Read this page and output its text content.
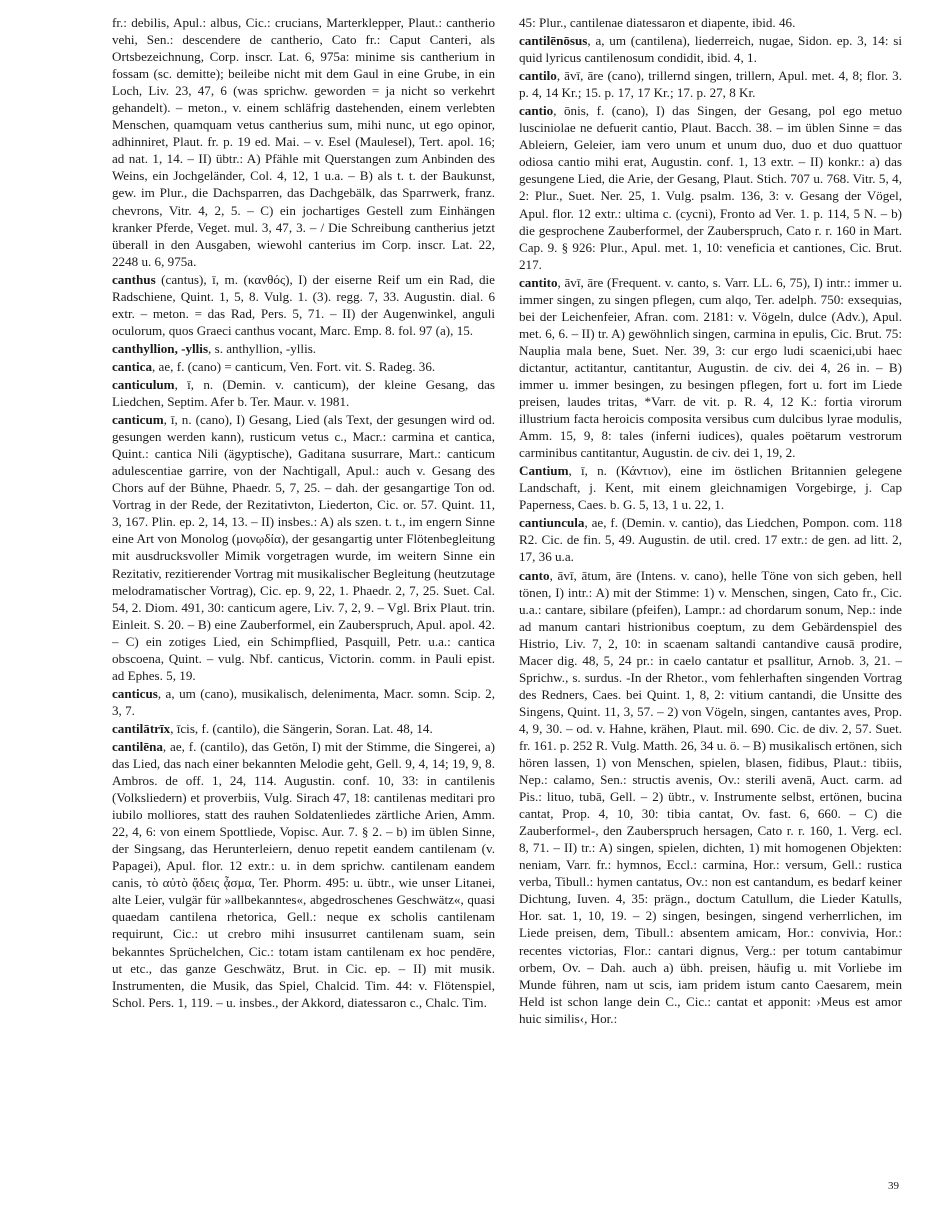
fr.: debilis, Apul.: albus, Cic.: crucians, Marterklepper, Plaut.: cantherio vehi, Sen.: descendere de cantherio, Cato fr.: Caput Canteri, als Ortsbezeichnung, Corp. inscr. Lat. 6, 975a: minime sis cantherium in fossam (sc. demitte); beileibe nicht mit dem Gaul in eine Grube, in ein Loch, Liv. 23, 47, 6 (was sprichw. geworden = ja nicht so verkehrt gehandelt). – meton., v. einem schläfrig dastehenden, einem verlebten Menschen, quamquam vetus cantherius sum, mihi nunc, ut ego opinor, adhinniret, Plaut. fr. p. 19 ed. Mai. – v. Esel (Maulesel), Tert. apol. 16; ad nat. 1, 14. – II) übtr.: A) Pfähle mit Querstangen zum Anbinden des Weins, ein Jochgeländer, Col. 4, 12, 1 u.a. – B) als t. t. der Baukunst, gew. im Plur., die Dachsparren, das Dachgebälk, das Sparrwerk, franz. chevrons, Vitr. 4, 2, 5. – C) ein jochartiges Gestell zum Einhängen kranker Pferde, Veget. mul. 3, 47, 3. – / Die Schreibung cantherius jetzt überall in den Ausgaben, wiewohl canterius im Corp. inscr. Lat. 22, 2248 u. 6, 975a.

canthus (cantus), ī, m. (κανθός), I) der eiserne Reif um ein Rad, die Radschiene, Quint. 1, 5, 8. Vulg. 1. (3). regg. 7, 33. Augustin. dial. 6 extr. – meton. = das Rad, Pers. 5, 71. – II) der Augenwinkel, anguli oculorum, quos Graeci canthus vocant, Marc. Emp. 8. fol. 97 (a), 15.

canthyllion, -yllis, s. anthyllion, -yllis.

cantica, ae, f. (cano) = canticum, Ven. Fort. vit. S. Radeg. 36.

canticulum, ī, n. (Demin. v. canticum), der kleine Gesang, das Liedchen, Septim. Afer b. Ter. Maur. v. 1981.

canticum, ī, n. (cano), I) Gesang, Lied (als Text, der gesungen wird od. gesungen werden kann), rusticum vetus c., Macr.: carmina et cantica, Quint.: cantica Nili (ägyptische), Gaditana susurrare, Mart.: canticum adulescentiae garrire, von der Nachtigall, Apul.: auch v. Gesang des Chors auf der Bühne, Phaedr. 5, 7, 25. – dah. der gesangartige Ton od. Vortrag in der Rede, der Rezitativton, Liederton, Cic. or. 57. Quint. 11, 3, 167. Plin. ep. 2, 14, 13. – II) insbes.: A) als szen. t. t., im engern Sinne eine Art von Monolog (μονῳδία), der gesangartig unter Flötenbegleitung mit ausdrucksvoller Mimik vorgetragen wurde, im weitern Sinne ein Rezitativ, rezitierender Vortrag mit musikalischer Begleitung (heutzutage melodramatischer Vortrag), Cic. ep. 9, 22, 1. Phaedr. 2, 7, 25. Suet. Cal. 54, 2. Diom. 491, 30: canticum agere, Liv. 7, 2, 9. – Vgl. Brix Plaut. trin. Einleit. S. 20. – B) eine Zauberformel, ein Zauberspruch, Apul. apol. 42. – C) ein zotiges Lied, ein Schimpflied, Pasquill, Petr. u.a.: cantica obscoena, Quint. – vulg. Nbf. canticus, Victorin. comm. in Pauli epist. ad Ephes. 5, 19.

canticus, a, um (cano), musikalisch, delenimenta, Macr. somn. Scip. 2, 3, 7.

cantilātrīx, īcis, f. (cantilo), die Sängerin, Soran. Lat. 48, 14.

cantilēna, ae, f. (cantilo), das Getön, I) mit der Stimme, die Singerei, a) das Lied, das nach einer bekannten Melodie geht, Gell. 9, 4, 14; 19, 9, 8. Ambros. de off. 1, 24, 114. Augustin. conf. 10, 33: in cantilenis (Volksliedern) et proverbiis, Vulg. Sirach 47, 18: cantilenas meditari pro iubilo molliores, statt des rauhen Soldatenliedes zärtliche Arien, Amm. 22, 4, 6: von einem Spottliede, Vopisc. Aur. 7. § 2. – b) im üblen Sinne, der Singsang, das Herunterleiern, denuo repetit eandem cantilenam (v. Papagei), Apul. flor. 12 extr.: u. in dem sprichw. cantilenam eandem canis, τὸ αὐτὸ ᾄδεις ᾆσμα, Ter. Phorm. 495: u. übtr., wie unser Litanei, alte Leier, vulgär für »allbekanntes«, abgedroschenes Geschwätz«, quasi quaedam cantilena rhetorica, Gell.: neque ex scholis cantilenam requirunt, Cic.: ut crebro mihi insusurret cantilenam suam, sein bekanntes Sprüchelchen, Cic.: totam istam cantilenam ex hoc pendēre, ut etc., das ganze Geschwätz, Brut. in Cic. ep. – II) mit musik. Instrumenten, die Musik, das Spiel, Chalcid. Tim. 44: v. Flötenspiel, Schol. Pers. 1, 119. – u. insbes., der Akkord, diatessaron c., Chalc. Tim.

45: Plur., cantilenae diatessaron et diapente, ibid. 46.

cantilēnōsus, a, um (cantilena), liederreich, nugae, Sidon. ep. 3, 14: si quid lyricus cantilenosum condidit, ibid. 4, 1.

cantilo, āvī, āre (cano), trillernd singen, trillern, Apul. met. 4, 8; flor. 3. p. 4, 14 Kr.; 15. p. 17, 17 Kr.; 17. p. 27, 8 Kr.

cantio, ōnis, f. (cano), I) das Singen, der Gesang, pol ego metuo lusciniolae ne defuerit cantio, Plaut. Bacch. 38. – im üblen Sinne = das Ableiern, Geleier, iam vero unum et unum duo, duo et duo quattuor odiosa cantio mihi erat, Augustin. conf. 1, 13 extr. – II) konkr.: a) das gesungene Lied, die Arie, der Gesang, Plaut. Stich. 707 u. 768. Vitr. 5, 4, 2: Plur., Suet. Ner. 25, 1. Vulg. psalm. 136, 3: v. Gesang der Vögel, Apul. flor. 12 extr.: ultima c. (cycni), Fronto ad Ver. 1. p. 114, 5 N. – b) die gesprochene Zauberformel, der Zauberspruch, Cato r. r. 160 in Mart. Cap. 9. § 926: Plur., Apul. met. 1, 10: veneficia et cantiones, Cic. Brut. 217.

cantito, āvī, āre (Frequent. v. canto, s. Varr. LL. 6, 75), I) intr.: immer u. immer singen, zu singen pflegen, cum alqo, Ter. adelph. 750: exsequias, bei der Leichenfeier, Afran. com. 2181: v. Vögeln, dulce (Adv.), Apul. met. 6, 6. – II) tr. A) gewöhnlich singen, carmina in epulis, Cic. Brut. 75: Nauplia mala bene, Suet. Ner. 39, 3: cur ergo ludi scaenici,ubi haec dictantur, actitantur, cantitantur, Augustin. de civ. dei 4, 26 in. – B) immer u. immer besingen, zu besingen pflegen, fort u. fort im Liede preisen, laudes tritas, *Varr. de vit. p. R. 4, 12 K.: fortia virorum illustrium facta heroicis composita versibus cum dulcibus lyrae modulis, Amm. 15, 9, 8: tales (inferni iudices), quales poëtarum vestrorum carminibus cantitantur, Augustin. de civ. dei 1, 19, 2.

Cantium, ī, n. (Κάντιον), eine im östlichen Britannien gelegene Landschaft, j. Kent, mit einem gleichnamigen Vorgebirge, j. Cap Paperness, Caes. b. G. 5, 13, 1 u. 22, 1.

cantiuncula, ae, f. (Demin. v. cantio), das Liedchen, Pompon. com. 118 R2. Cic. de fin. 5, 49. Augustin. de util. cred. 17 extr.: de gen. ad litt. 2, 17, 36 u.a.

canto, āvī, ātum, āre (Intens. v. cano), helle Töne von sich geben, hell tönen, I) intr.: A) mit der Stimme: 1) v. Menschen, singen, Cato fr., Cic. u.a.: cantare, sibilare (pfeifen), Lampr.: ad chordarum sonum, Nep.: inde ad manum cantari histrionibus coeptum, zu dem Gebärdenspiel des Histrio, Liv. 7, 2, 10: in scaenam saltandi cantandive causā prodire, Macer dig. 48, 5, 24 pr.: in caelo cantatur et psallitur, Arnob. 3, 21. – Sprichw., s. surdus. -In der Rhetor., vom fehlerhaften singenden Vortrag des Redners, Caes. bei Quint. 1, 8, 2: vitium cantandi, die Unsitte des Singens, Quint. 11, 3, 57. – 2) von Vögeln, singen, cantantes aves, Prop. 4, 9, 30. – od. v. Hahne, krähen, Plaut. mil. 690. Cic. de div. 2, 57. Suet. fr. 161. p. 252 R. Vulg. Matth. 26, 34 u. ö. – B) musikalisch ertönen, sich hören lassen, 1) von Menschen, spielen, blasen, fidibus, Plaut.: tibiis, Nep.: calamo, Sen.: structis avenis, Ov.: sterili avenā, Auct. carm. ad Pis.: lituo, tubā, Gell. – 2) übtr., v. Instrumente selbst, ertönen, bucina cantat, Prop. 4, 10, 30: tibia cantat, Ov. fast. 6, 660. – C) die Zauberformel-, den Zauberspruch hersagen, Cato r. r. 160, 1. Verg. ecl. 8, 71. – II) tr.: A) singen, spielen, dichten, 1) mit homogenen Objekten: neniam, Varr. fr.: hymnos, Eccl.: carmina, Hor.: versum, Gell.: rustica verba, Tibull.: hymen cantatus, Ov.: non est cantandum, es bedarf keiner Dichtung, Iuven. 4, 35: prägn., doctum Catullum, die Lieder Katulls, Hor. sat. 1, 10, 19. – 2) singen, besingen, singend verherrlichen, im Liede preisen, dem, Tibull.: absentem amicam, Hor.: convivia, Hor.: recentes victorias, Flor.: cantari dignus, Verg.: per totum cantabimur orbem, Ov. – Dah. auch a) übh. preisen, häufig u. mit Vorliebe im Munde führen, nam ut scis, iam pridem istum canto Caesarem, mein Held ist schon lange dein C., Cic.: cantat et apponit: ›Meus est amor huic similis‹, Hor.:

39
